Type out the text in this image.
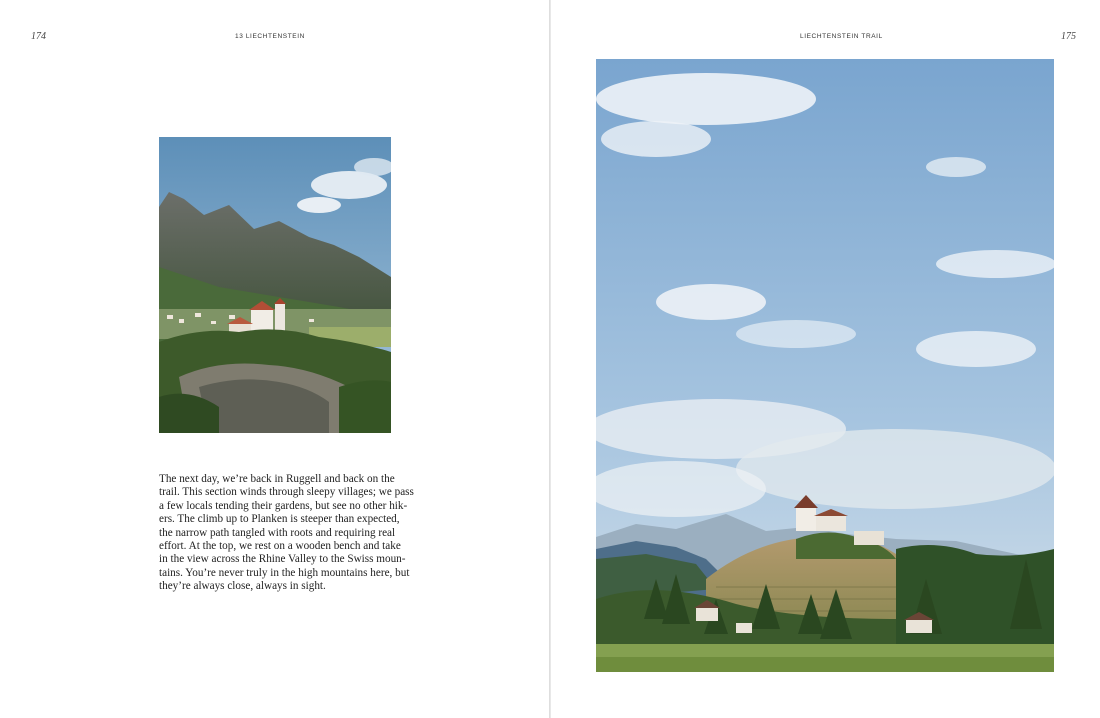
174	13 LIECHTENSTEIN
The next day, we’re back in Ruggell and back on the
trail. This section winds through sleepy villages; we pass
a few locals tending their gardens, but see no other hik-
ers. The climb up to Planken is steeper than expected,
the narrow path tangled with roots and requiring real
effort. At the top, we rest on a wooden bench and take
in the view across the Rhine Valley to the Swiss moun-
tains. You’re never truly in the high mountains here, but
they’re always close, always in sight.
LIECHTENSTEIN TRAIL	175
